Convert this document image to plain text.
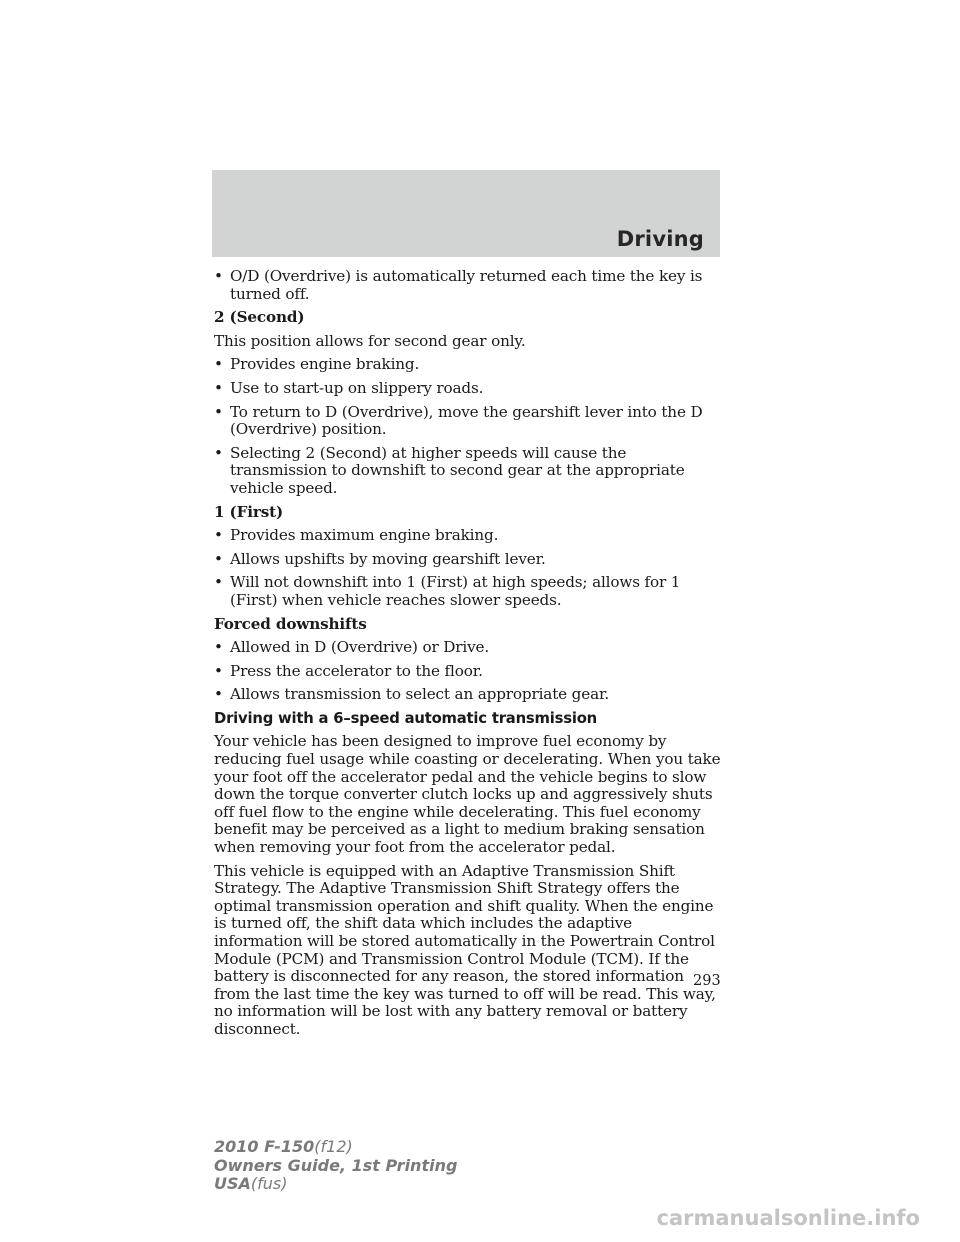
Driving
• O/D (Overdrive) is automatically returned each time the key is turned off.
2 (Second)
This position allows for second gear only.
• Provides engine braking.
• Use to start-up on slippery roads.
• To return to D (Overdrive), move the gearshift lever into the D (Overdrive) position.
• Selecting 2 (Second) at higher speeds will cause the transmission to downshift to second gear at the appropriate vehicle speed.
1 (First)
• Provides maximum engine braking.
• Allows upshifts by moving gearshift lever.
• Will not downshift into 1 (First) at high speeds; allows for 1 (First) when vehicle reaches slower speeds.
Forced downshifts
• Allowed in D (Overdrive) or Drive.
• Press the accelerator to the floor.
• Allows transmission to select an appropriate gear.
Driving with a 6–speed automatic transmission
Your vehicle has been designed to improve fuel economy by reducing fuel usage while coasting or decelerating. When you take your foot off the accelerator pedal and the vehicle begins to slow down the torque converter clutch locks up and aggressively shuts off fuel flow to the engine while decelerating. This fuel economy benefit may be perceived as a light to medium braking sensation when removing your foot from the accelerator pedal.
This vehicle is equipped with an Adaptive Transmission Shift Strategy. The Adaptive Transmission Shift Strategy offers the optimal transmission operation and shift quality. When the engine is turned off, the shift data which includes the adaptive information will be stored automatically in the Powertrain Control Module (PCM) and Transmission Control Module (TCM). If the battery is disconnected for any reason, the stored information from the last time the key was turned to off will be read. This way, no information will be lost with any battery removal or battery disconnect.
293
2010 F-150(f12)
Owners Guide, 1st Printing
USA(fus)
carmanualsonline.info
